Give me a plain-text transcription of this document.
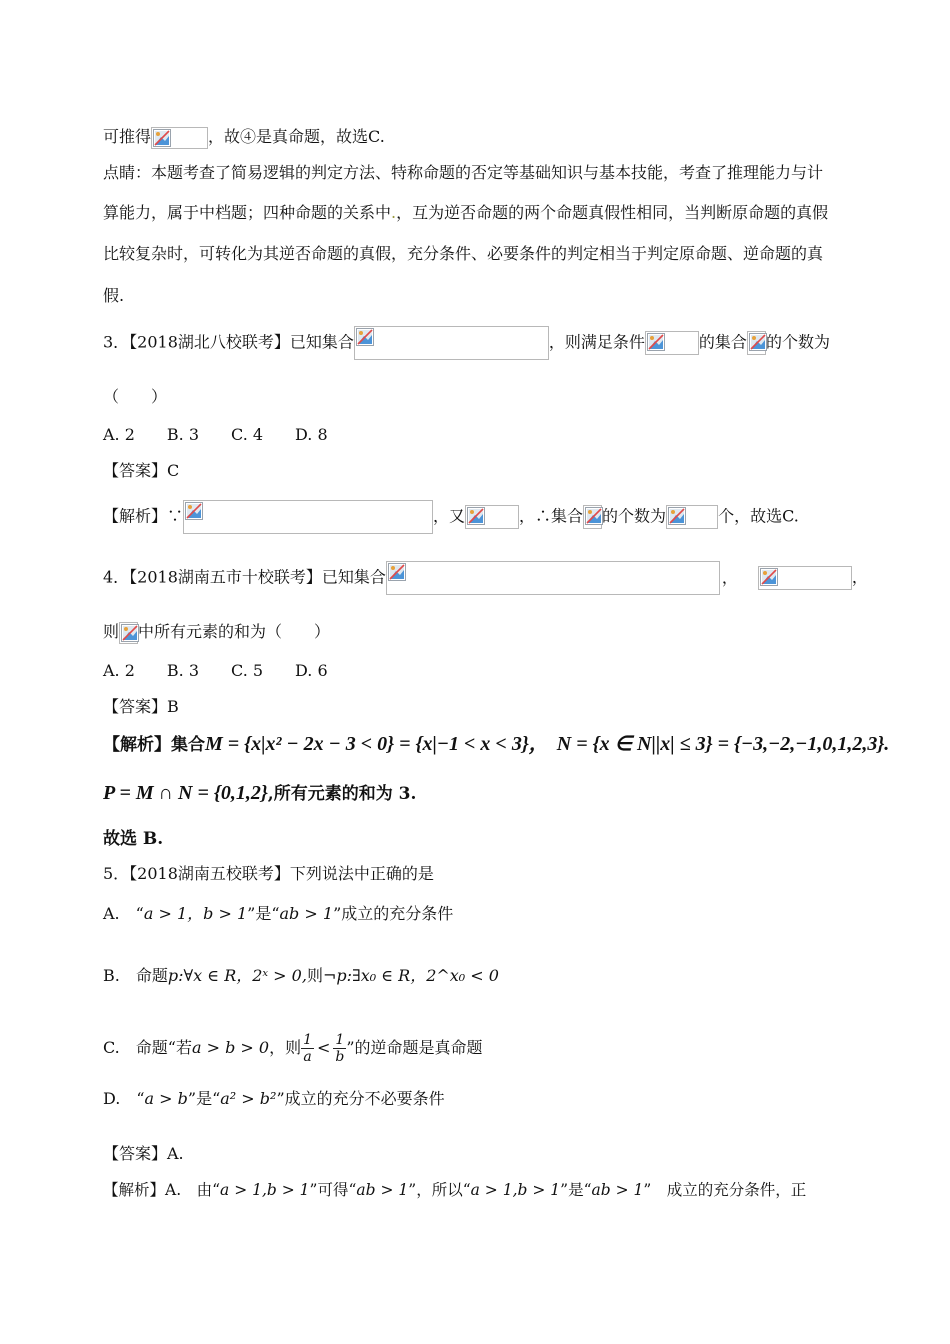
可推得	，故④是真命题，故选C.
点睛：本题考查了简易逻辑的判定方法、特称命题的否定等基础知识与基本技能，考查了推理能力与计
算能力，属于中档题；四种命题的关系中.，互为逆否命题的两个命题真假性相同，当判断原命题的真假
比较复杂时，可转化为其逆否命题的真假，充分条件、必要条件的判定相当于判定原命题、逆命题的真
假.
3．【2018湖北八校联考】已知集合	，则满足条件	的集合 的个数为
（　　）
A. 2　　B. 3　　C. 4　　D. 8
【答案】C
【解析】∵	，又	，∴集合 的个数为	个，故选C.
4．【2018湖南五市十校联考】已知集合	，	，
则 中所有元素的和为（　　）
A. 2　　B. 3　　C. 5　　D. 6
【答案】B
【解析】集合M = {x|x² − 2x − 3 < 0} = {x|−1 < x < 3}， N = {x ∈ N||x| ≤ 3} = {−3,−2,−1,0,1,2,3}.
P = M ∩ N = {0,1,2},所有元素的和为 3.
故选 B.
5．【2018湖南五校联考】下列说法中正确的是
A.　“a > 1，b > 1”是“ab > 1”成立的充分条件
B.　命题p:∀x ∈ R，2ˣ > 0,则¬p:∃x₀ ∈ R，2^x₀ < 0
C.　命题“若a > b > 0，则 $\frac{1}{a} < \frac{1}{b}$ ”的逆命题是真命题
D.　“a > b”是“a² > b²”成立的充分不必要条件
【答案】A.
【解析】A.　由“a > 1,b > 1”可得“ab > 1”，所以“a > 1,b > 1”是“ab > 1”　成立的充分条件，正
